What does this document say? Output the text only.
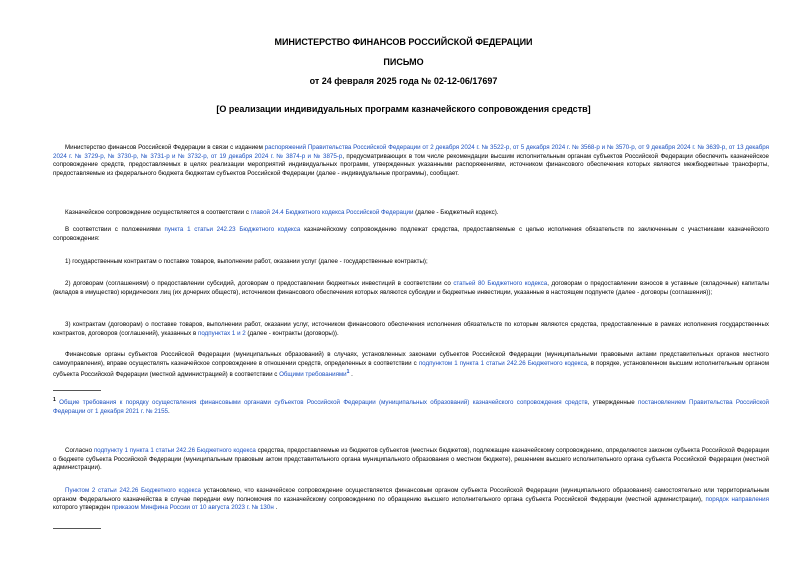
МИНИСТЕРСТВО ФИНАНСОВ РОССИЙСКОЙ ФЕДЕРАЦИИ
ПИСЬМО
от 24 февраля 2025 года № 02-12-06/17697
[О реализации индивидуальных программ казначейского сопровождения средств]

Министерство финансов Российской Федерации в связи с изданием распоряжений Правительства Российской Федерации от 2 декабря 2024 г. № 3522-р, от 5 декабря 2024 г. № 3568-р и № 3570-р, от 9 декабря 2024 г. № 3639-р, от 13 декабря 2024 г. № 3729-р, № 3730-р, № 3731-р и № 3732-р, от 19 декабря 2024 г. № 3874-р и № 3875-р, предусматривающих в том числе рекомендации высшим исполнительным органам субъектов Российской Федерации обеспечить казначейское сопровождение средств, предоставляемых в целях реализации мероприятий индивидуальных программ, утвержденных указанными распоряжениями, источником финансового обеспечения которых являются межбюджетные трансферты, предоставляемые из федерального бюджета бюджетам субъектов Российской Федерации (далее - индивидуальные программы), сообщает.

Казначейское сопровождение осуществляется в соответствии с главой 24.4 Бюджетного кодекса Российской Федерации (далее - Бюджетный кодекс).

В соответствии с положениями пункта 1 статьи 242.23 Бюджетного кодекса казначейскому сопровождению подлежат средства, предоставляемые с целью исполнения обязательств по заключенным с участниками казначейского сопровождения:

1) государственным контрактам о поставке товаров, выполнении работ, оказании услуг (далее - государственные контракты);

2) договорам (соглашениям) о предоставлении субсидий, договорам о предоставлении бюджетных инвестиций в соответствии со статьей 80 Бюджетного кодекса, договорам о предоставлении взносов в уставные (складочные) капиталы (вкладов в имущество) юридических лиц (их дочерних обществ), источником финансового обеспечения которых являются субсидии и бюджетные инвестиции, указанные в настоящем подпункте (далее - договоры (соглашения));

3) контрактам (договорам) о поставке товаров, выполнении работ, оказании услуг, источником финансового обеспечения исполнения обязательств по которым являются средства, предоставленные в рамках исполнения государственных контрактов, договоров (соглашений), указанных в подпунктах 1 и 2 (далее - контракты (договоры)).

Финансовые органы субъектов Российской Федерации (муниципальных образований) в случаях, установленных законами субъектов Российской Федерации (муниципальными правовыми актами представительных органов местного самоуправления), вправе осуществлять казначейское сопровождение в отношении средств, определенных в соответствии с подпунктом 1 пункта 1 статьи 242.26 Бюджетного кодекса, в порядке, установленном высшим исполнительным органом субъекта Российской Федерации (местной администрацией) в соответствии с Общими требованиями$^1$ .

$^1$ Общие требования к порядку осуществления финансовыми органами субъектов Российской Федерации (муниципальных образований) казначейского сопровождения средств, утвержденные постановлением Правительства Российской Федерации от 1 декабря 2021 г. № 2155.

Согласно подпункту 1 пункта 1 статьи 242.26 Бюджетного кодекса средства, предоставляемые из бюджетов субъектов (местных бюджетов), подлежащие казначейскому сопровождению, определяются законом субъекта Российской Федерации о бюджете субъекта Российской Федерации (муниципальным правовым актом представительного органа муниципального образования о местном бюджете), решением высшего исполнительного органа субъекта Российской Федерации (местной администрации).

Пунктом 2 статьи 242.26 Бюджетного кодекса установлено, что казначейское сопровождение осуществляется финансовым органом субъекта Российской Федерации (муниципального образования) самостоятельно или территориальным органом Федерального казначейства в случае передачи ему полномочия по казначейскому сопровождению по обращению высшего исполнительного органа субъекта Российской Федерации (местной администрации), порядок направления которого утвержден приказом Минфина России от 10 августа 2023 г. № 130н .
